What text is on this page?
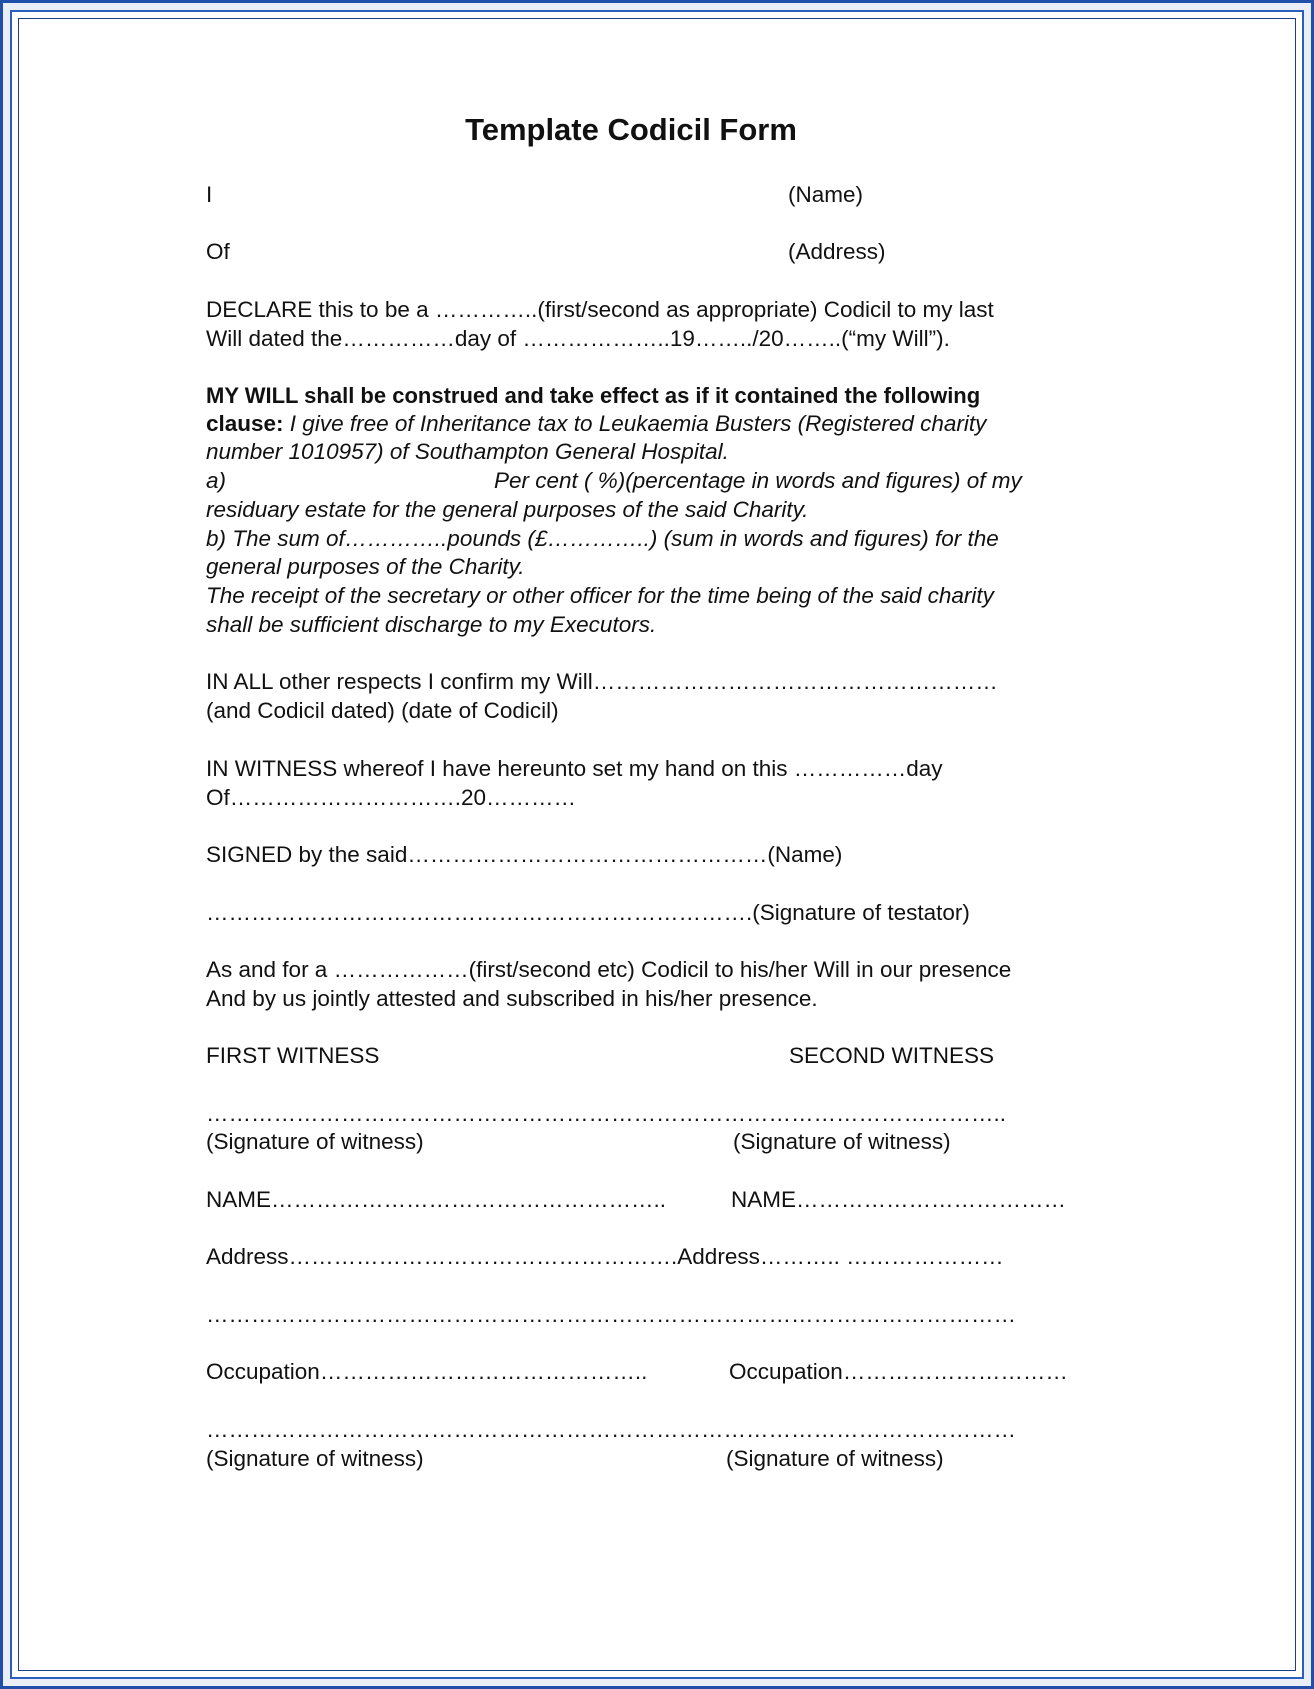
Template Codicil Form
I	(Name)
Of	(Address)
DECLARE this to be a …………..(first/second as appropriate) Codicil to my last
Will dated the……………day of ………………..19……../20……..(“my Will”).
MY WILL shall be construed and take effect as if it contained the following
clause: I give free of Inheritance tax to Leukaemia Busters (Registered charity
number 1010957) of Southampton General Hospital.
a)	Per cent ( %)(percentage in words and figures) of my
residuary estate for the general purposes of the said Charity.
b) The sum of…………..pounds (£…………..) (sum in words and figures) for the
general purposes of the Charity.
The receipt of the secretary or other officer for the time being of the said charity
shall be sufficient discharge to my Executors.
IN ALL other respects I confirm my Will………………………………………………
(and Codicil dated) (date of Codicil)
IN WITNESS whereof I have hereunto set my hand on this ……………day
Of………………………….20…………
SIGNED by the said…………………………………………(Name)
……………………………………………………………….(Signature of testator)
As and for a ………………(first/second etc) Codicil to his/her Will in our presence
And by us jointly attested and subscribed in his/her presence.
FIRST WITNESS	SECOND WITNESS
……………………………………………………………………………………………..
(Signature of witness)	(Signature of witness)
NAME……………………………………………..	NAME………………………………
Address…………………………………………….Address……….. …………………
………………………………………………………………………………………………
Occupation……………………………………..	Occupation…………………………
………………………………………………………………………………………………
(Signature of witness)	(Signature of witness)
